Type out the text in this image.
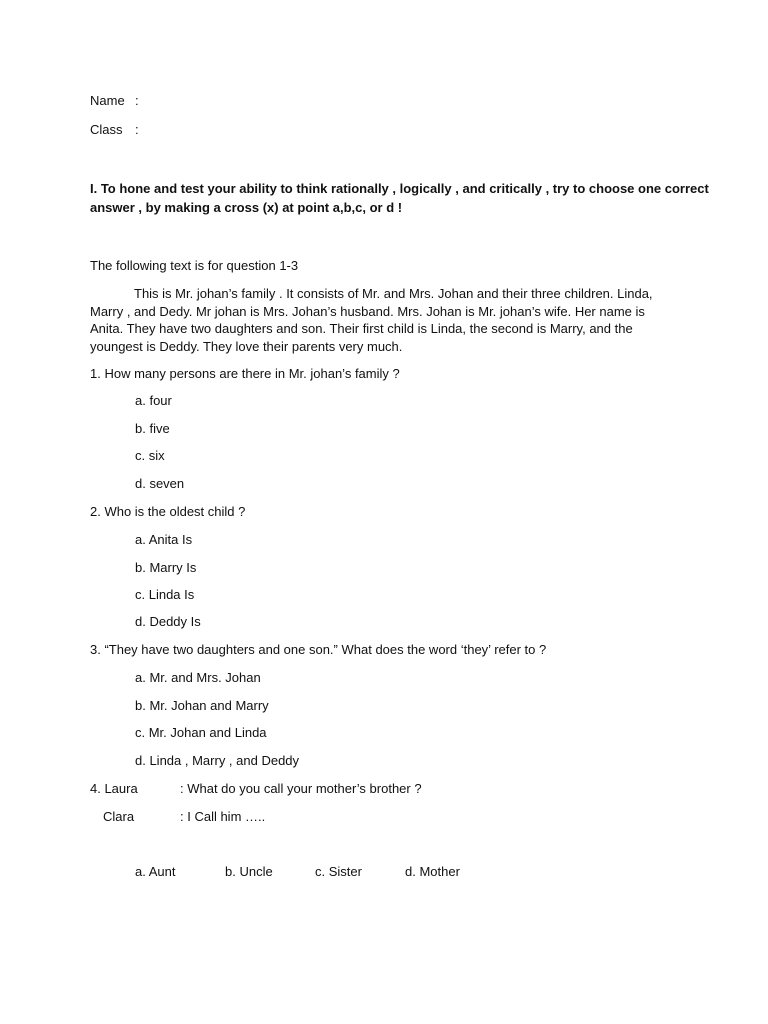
Name :
Class :
I. To hone and test your ability to think rationally , logically , and critically , try to choose one correct
answer , by making a cross (x) at point a,b,c, or d !
The following text is for question 1-3
This is Mr. johan’s family . It consists of Mr. and Mrs. Johan and their three children. Linda, Marry , and Dedy. Mr johan is Mrs. Johan’s husband. Mrs. Johan is Mr. johan’s wife. Her name is Anita. They have two daughters and son. Their first child is Linda, the second is Marry, and the youngest is Deddy. They love their parents very much.
1. How many persons are there in Mr. johan’s family ?
a. four
b. five
c. six
d. seven
2. Who is the oldest child ?
a. Anita Is
b. Marry Is
c. Linda Is
d. Deddy Is
3. “They have two daughters and one son.” What does the word ‘they’ refer to ?
a. Mr. and Mrs. Johan
b. Mr. Johan and Marry
c. Mr. Johan and Linda
d. Linda , Marry , and Deddy
4. Laura	: What do you call your mother’s brother ?
Clara	: I Call him …..
a. Aunt	b. Uncle	c. Sister	d. Mother
